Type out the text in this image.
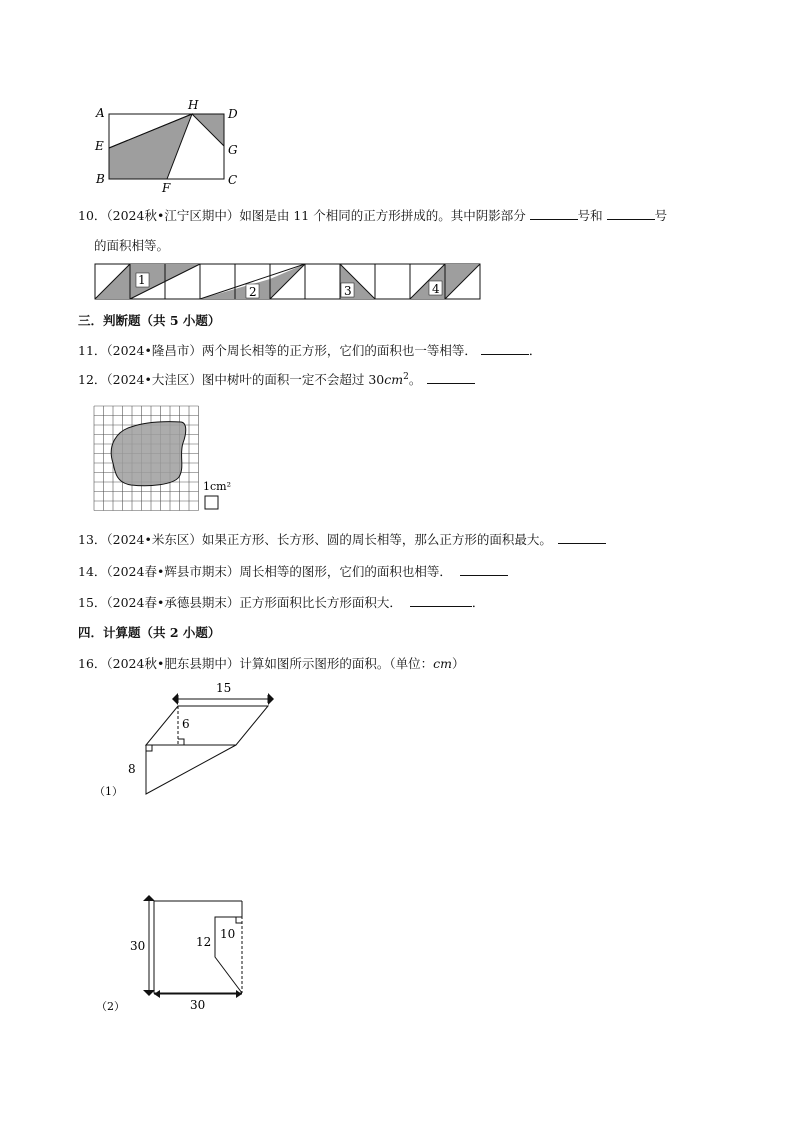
A
H
D
E	G
B
F
C
10．（2024秋•江宁区期中）如图是由 11 个相同的正方形拼成的。其中阴影部分	号和	号
的面积相等。
1
2	3	4
三．判断题（共 5 小题）
11．（2024•隆昌市）两个周长相等的正方形，它们的面积也一等相等．	．
12．（2024•大洼区）图中树叶的面积一定不会超过 $30cm^2$。
1cm²
13．（2024•米东区）如果正方形、长方形、圆的周长相等，那么正方形的面积最大。
14．（2024春•辉县市期末）周长相等的图形，它们的面积也相等．
15．（2024春•承德县期末）正方形面积比长方形面积大．	．
四．计算题（共 2 小题）
16．（2024秋•肥东县期中）计算如图所示图形的面积。（单位：cm）
15
6
8
（1）
30	12
10
30
（2）
